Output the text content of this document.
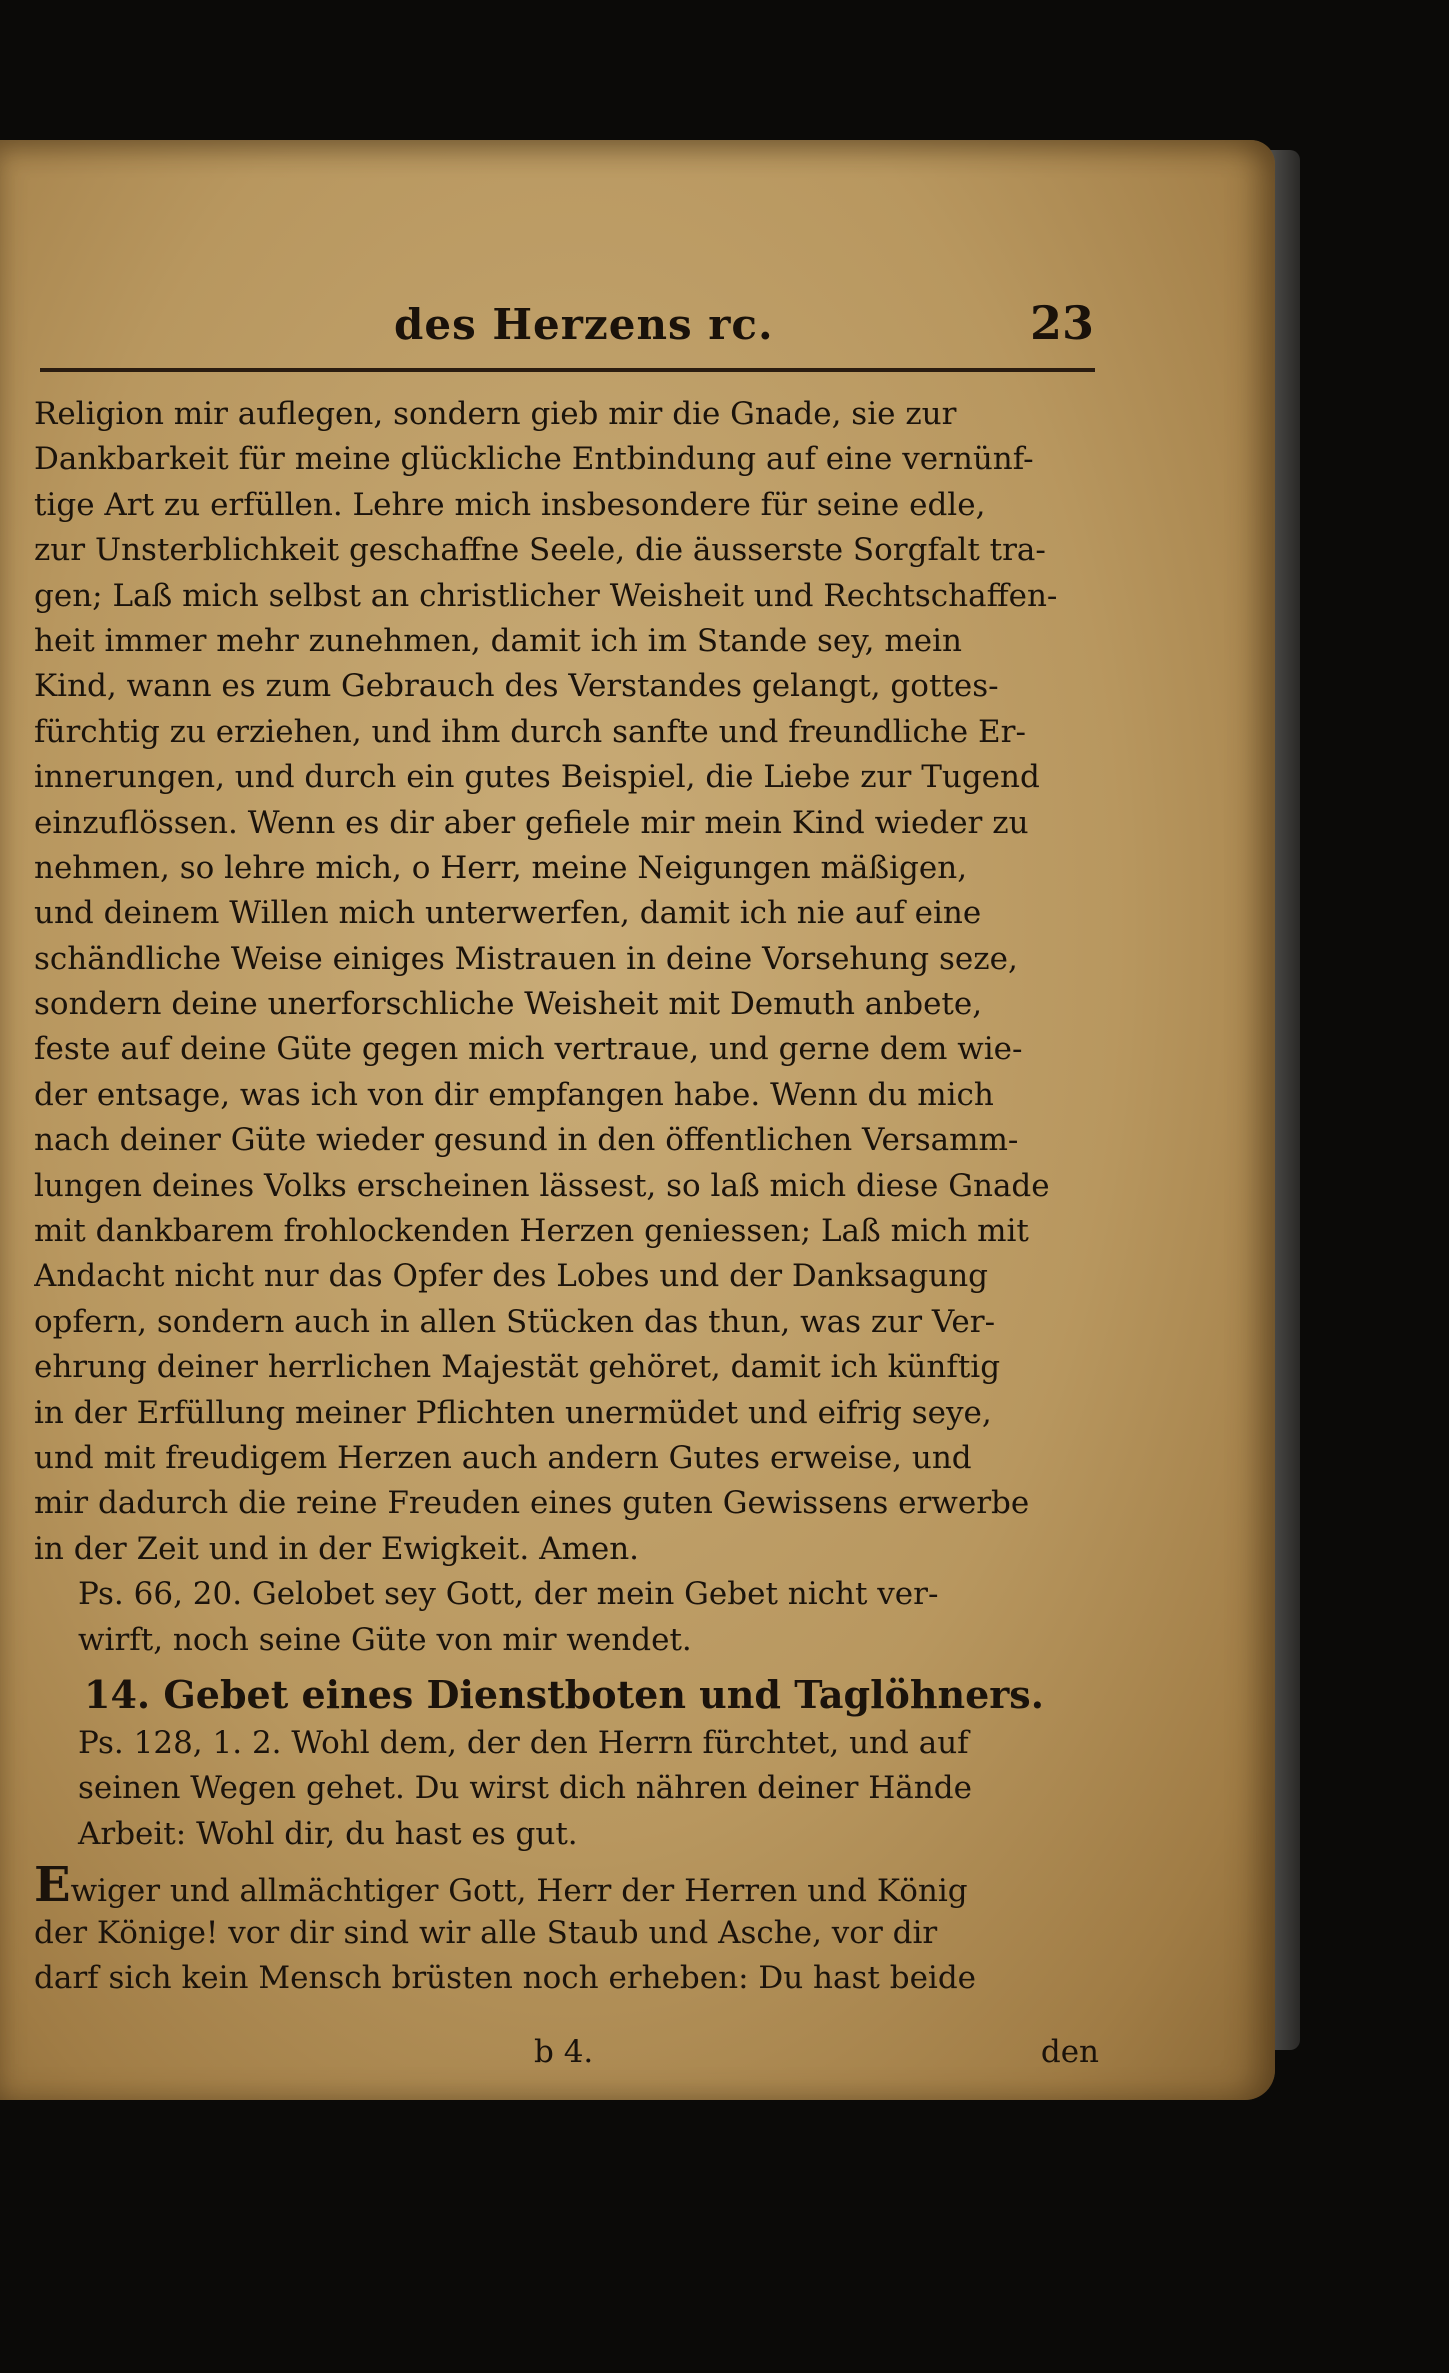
des Herzens rc.	23
Religion mir auflegen, sondern gieb mir die Gnade, sie zur
Dankbarkeit für meine glückliche Entbindung auf eine vernünf-
tige Art zu erfüllen. Lehre mich insbesondere für seine edle,
zur Unsterblichkeit geschaffne Seele, die äusserste Sorgfalt tra-
gen; Laß mich selbst an christlicher Weisheit und Rechtschaffen-
heit immer mehr zunehmen, damit ich im Stande sey, mein
Kind, wann es zum Gebrauch des Verstandes gelangt, gottes-
fürchtig zu erziehen, und ihm durch sanfte und freundliche Er-
innerungen, und durch ein gutes Beispiel, die Liebe zur Tugend
einzuflössen. Wenn es dir aber gefiele mir mein Kind wieder zu
nehmen, so lehre mich, o Herr, meine Neigungen mäßigen,
und deinem Willen mich unterwerfen, damit ich nie auf eine
schändliche Weise einiges Mistrauen in deine Vorsehung seze,
sondern deine unerforschliche Weisheit mit Demuth anbete,
feste auf deine Güte gegen mich vertraue, und gerne dem wie-
der entsage, was ich von dir empfangen habe. Wenn du mich
nach deiner Güte wieder gesund in den öffentlichen Versamm-
lungen deines Volks erscheinen lässest, so laß mich diese Gnade
mit dankbarem frohlockenden Herzen geniessen; Laß mich mit
Andacht nicht nur das Opfer des Lobes und der Danksagung
opfern, sondern auch in allen Stücken das thun, was zur Ver-
ehrung deiner herrlichen Majestät gehöret, damit ich künftig
in der Erfüllung meiner Pflichten unermüdet und eifrig seye,
und mit freudigem Herzen auch andern Gutes erweise, und
mir dadurch die reine Freuden eines guten Gewissens erwerbe
in der Zeit und in der Ewigkeit. Amen.
Ps. 66, 20. Gelobet sey Gott, der mein Gebet nicht ver-
wirft, noch seine Güte von mir wendet.
14. Gebet eines Dienstboten und Taglöhners.
Ps. 128, 1. 2. Wohl dem, der den Herrn fürchtet, und auf
seinen Wegen gehet. Du wirst dich nähren deiner Hände
Arbeit: Wohl dir, du hast es gut.
Ewiger und allmächtiger Gott, Herr der Herren und König
der Könige! vor dir sind wir alle Staub und Asche, vor dir
darf sich kein Mensch brüsten noch erheben: Du hast beide
b 4.	den
